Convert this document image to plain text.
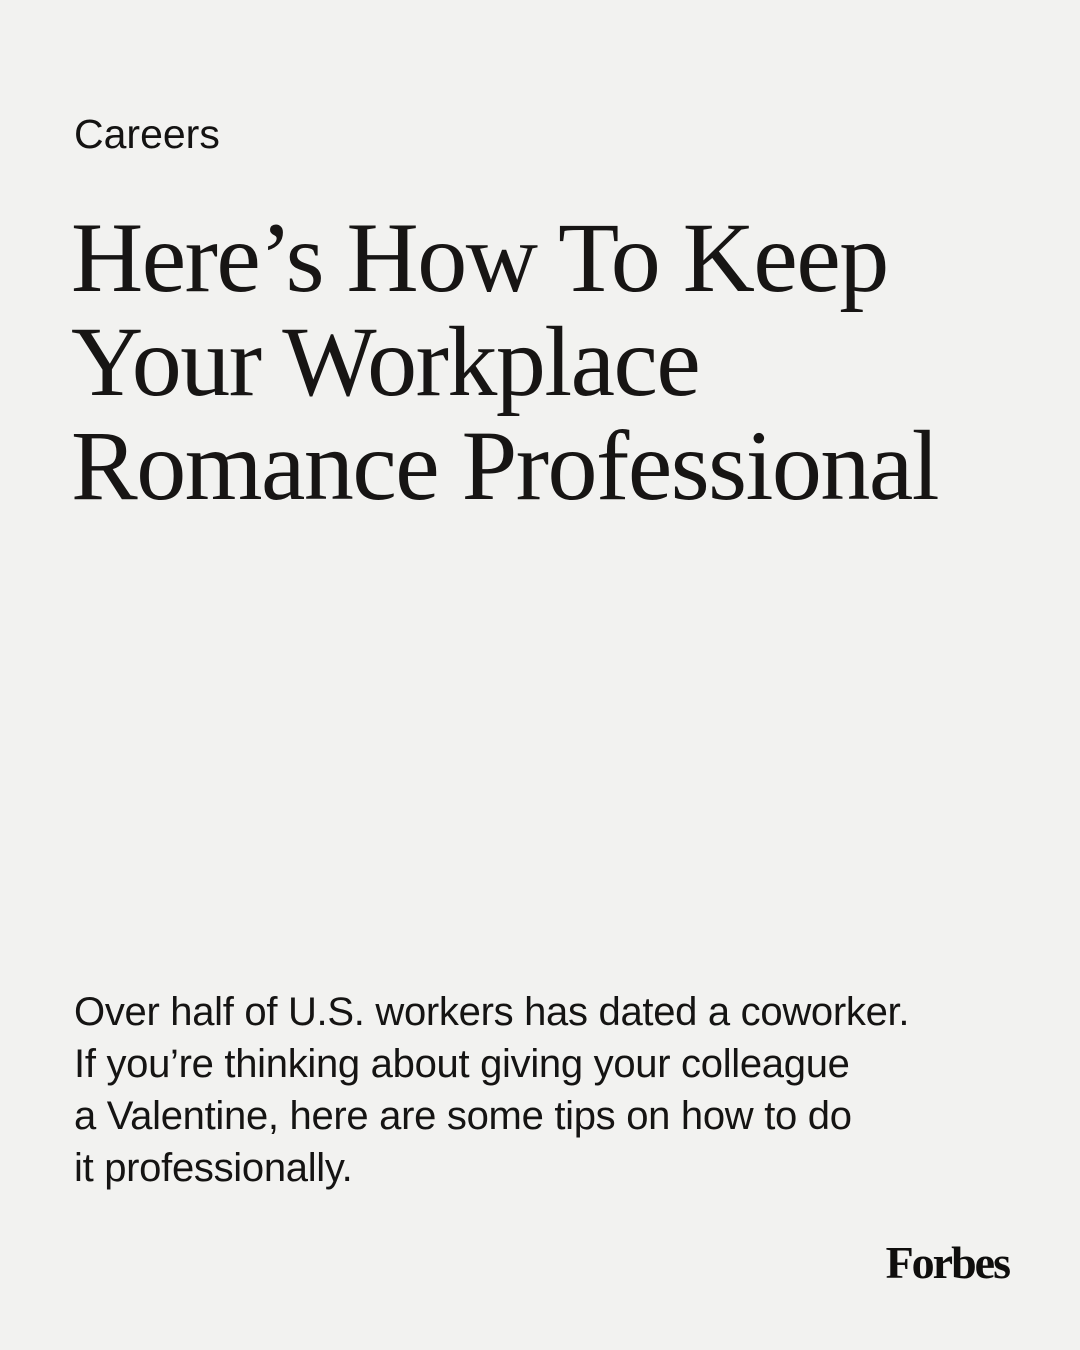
Careers
Here’s How To Keep
Your Workplace
Romance Professional

Over half of U.S. workers has dated a coworker.
If you’re thinking about giving your colleague
a Valentine, here are some tips on how to do
it professionally.

Forbes
